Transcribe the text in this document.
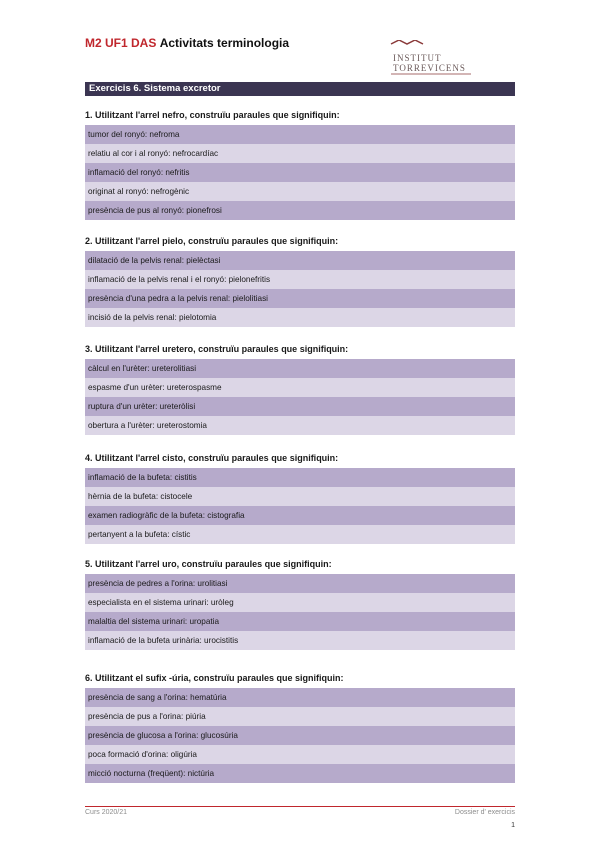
M2 UF1 DAS Activitats terminologia
INSTITUT
TORREVICENS
Exercicis 6. Sistema excretor
1. Utilitzant l'arrel nefro, construïu paraules que signifiquin:
tumor del ronyó: nefroma
relatiu al cor i al ronyó: nefrocardíac
inflamació del ronyó: nefritis
originat al ronyó: nefrogènic
presència de pus al ronyó: pionefrosi
2. Utilitzant l'arrel pielo, construïu paraules que signifiquin:
dilatació de la pelvis renal: pielèctasi
inflamació de la pelvis renal i el ronyó: pielonefritis
presència d'una pedra a la pelvis renal: pielolitiasi
incisió de la pelvis renal: pielotomia
3. Utilitzant l'arrel uretero, construïu paraules que signifiquin:
càlcul en l'urèter: ureterolitiasi
espasme d'un urèter: ureterospasme
ruptura d'un urèter: ureteròlisi
obertura a l'urèter: ureterostomia
4. Utilitzant l'arrel cisto, construïu paraules que signifiquin:
inflamació de la bufeta: cistitis
hèrnia de la bufeta: cistocele
examen radiogràfic de la bufeta: cistografia
pertanyent a la bufeta: cístic
5. Utilitzant l'arrel uro, construïu paraules que signifiquin:
presència de pedres a l'orina: urolitiasi
especialista en el sistema urinari: uròleg
malaltia del sistema urinari: uropatia
inflamació de la bufeta urinària: urocistitis
6. Utilitzant el sufix -úria, construïu paraules que signifiquin:
presència de sang a l'orina: hematúria
presència de pus a l'orina: piúria
presència de glucosa a l'orina: glucosúria
poca formació d'orina: oligúria
micció nocturna (freqüent): nictúria
Curs 2020/21	Dossier d' exercicis
1
